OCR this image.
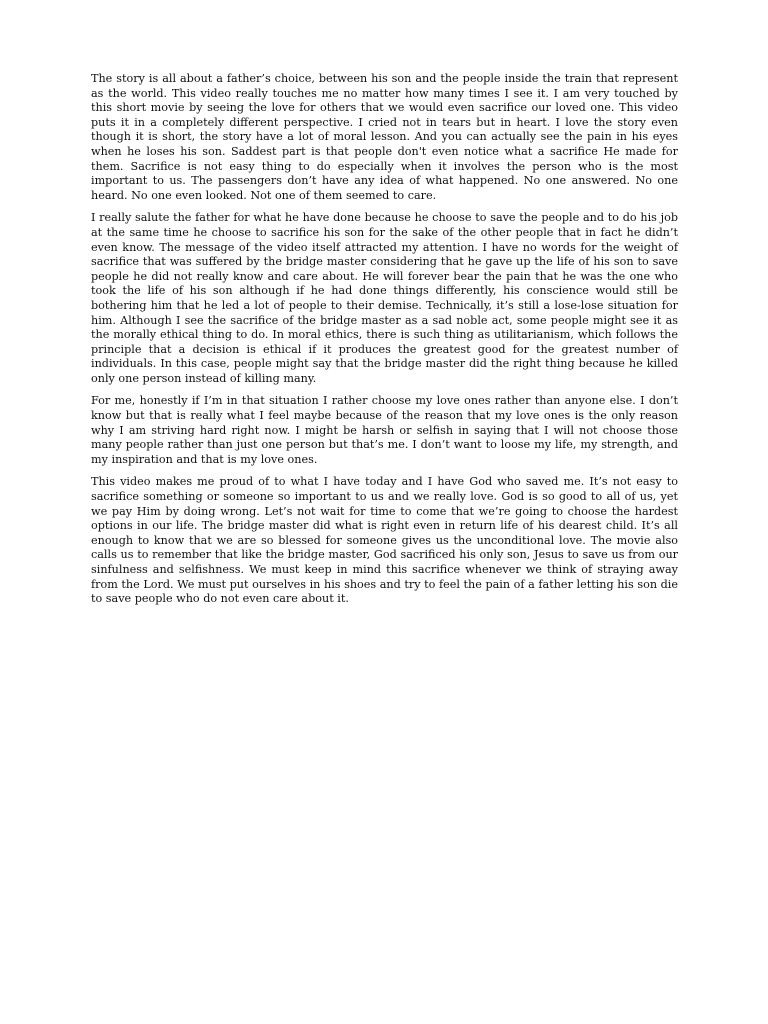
The story is all about a father’s choice, between his son and the people inside the train that represent as the world. This video really touches me no matter how many times I see it. I am very touched by this short movie by seeing the love for others that we would even sacrifice our loved one. This video puts it in a completely different perspective. I cried not in tears but in heart. I love the story even though it is short, the story have a lot of moral lesson. And you can actually see the pain in his eyes when he loses his son. Saddest part is that people don't even notice what a sacrifice He made for them. Sacrifice is not easy thing to do especially when it involves the person who is the most important to us. The passengers don’t have any idea of what happened. No one answered. No one heard. No one even looked. Not one of them seemed to care.

I really salute the father for what he have done because he choose to save the people and to do his job at the same time he choose to sacrifice his son for the sake of the other people that in fact he didn’t even know. The message of the video itself attracted my attention. I have no words for the weight of sacrifice that was suffered by the bridge master considering that he gave up the life of his son to save people he did not really know and care about. He will forever bear the pain that he was the one who took the life of his son although if he had done things differently, his conscience would still be bothering him that he led a lot of people to their demise. Technically, it’s still a lose-lose situation for him. Although I see the sacrifice of the bridge master as a sad noble act, some people might see it as the morally ethical thing to do. In moral ethics, there is such thing as utilitarianism, which follows the principle that a decision is ethical if it produces the greatest good for the greatest number of individuals. In this case, people might say that the bridge master did the right thing because he killed only one person instead of killing many.

For me, honestly if I’m in that situation I rather choose my love ones rather than anyone else. I don’t know but that is really what I feel maybe because of the reason that my love ones is the only reason why I am striving hard right now. I might be harsh or selfish in saying that I will not choose those many people rather than just one person but that’s me. I don’t want to loose my life, my strength, and my inspiration and that is my love ones.

This video makes me proud of to what I have today and I have God who saved me. It’s not easy to sacrifice something or someone so important to us and we really love. God is so good to all of us, yet we pay Him by doing wrong. Let’s not wait for time to come that we’re going to choose the hardest options in our life. The bridge master did what is right even in return life of his dearest child. It’s all enough to know that we are so blessed for someone gives us the unconditional love. The movie also calls us to remember that like the bridge master, God sacrificed his only son, Jesus to save us from our sinfulness and selfishness. We must keep in mind this sacrifice whenever we think of straying away from the Lord. We must put ourselves in his shoes and try to feel the pain of a father letting his son die to save people who do not even care about it.
